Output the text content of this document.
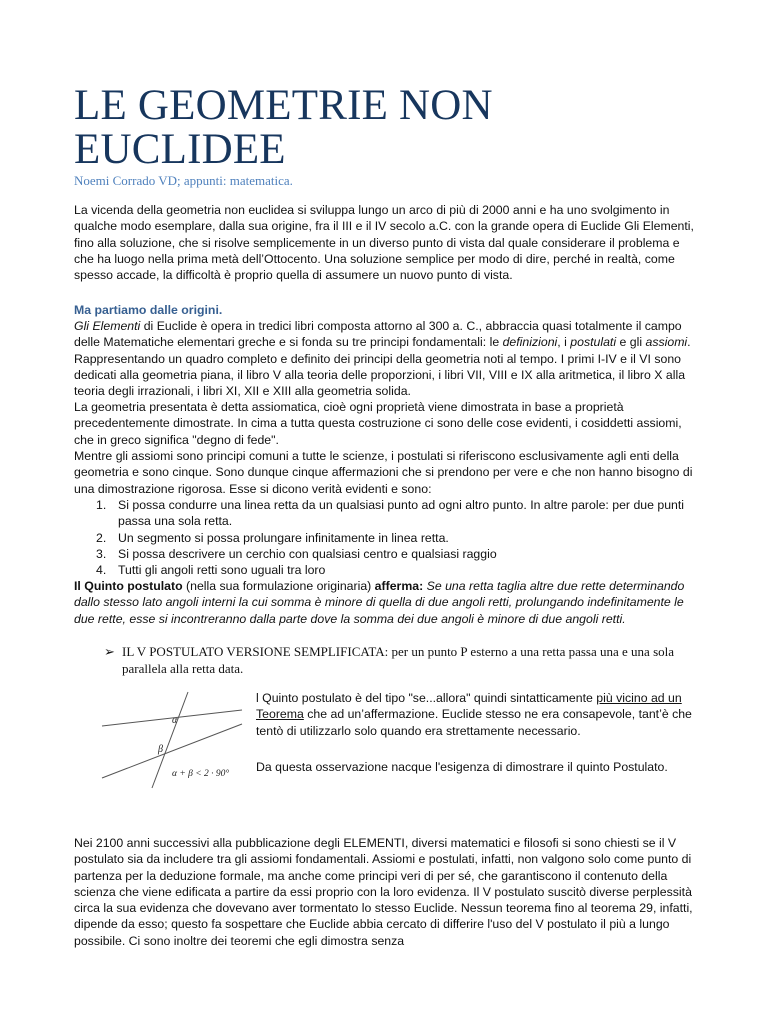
LE GEOMETRIE NON EUCLIDEE
Noemi Corrado VD; appunti: matematica.
La vicenda della geometria non euclidea si sviluppa lungo un arco di più di 2000 anni e ha uno svolgimento in qualche modo esemplare, dalla sua origine, fra il III e il IV secolo a.C. con la grande opera di Euclide Gli Elementi, fino alla soluzione, che si risolve semplicemente in un diverso punto di vista dal quale considerare il problema e che ha luogo nella prima metà dell’Ottocento. Una soluzione semplice per modo di dire, perché in realtà, come spesso accade, la difficoltà è proprio quella di assumere un nuovo punto di vista.
Ma partiamo dalle origini.
Gli Elementi di Euclide è opera in tredici libri composta attorno al 300 a. C., abbraccia quasi totalmente il campo delle Matematiche elementari greche e si fonda su tre principi fondamentali: le definizioni, i postulati e gli assiomi. Rappresentando un quadro completo e definito dei principi della geometria noti al tempo. I primi I-IV e il VI sono dedicati alla geometria piana, il libro V alla teoria delle proporzioni, i libri VII, VIII e IX alla aritmetica, il libro X alla teoria degli irrazionali, i libri XI, XII e XIII alla geometria solida.
La geometria presentata è detta assiomatica, cioè ogni proprietà viene dimostrata in base a proprietà precedentemente dimostrate. In cima a tutta questa costruzione ci sono delle cose evidenti, i cosiddetti assiomi, che in greco significa "degno di fede".
Mentre gli assiomi sono principi comuni a tutte le scienze, i postulati si riferiscono esclusivamente agli enti della geometria e sono cinque. Sono dunque cinque affermazioni che si prendono per vere e che non hanno bisogno di una dimostrazione rigorosa. Esse si dicono verità evidenti e sono:
1. Si possa condurre una linea retta da un qualsiasi punto ad ogni altro punto. In altre parole: per due punti passa una sola retta.
2. Un segmento si possa prolungare infinitamente in linea retta.
3. Si possa descrivere un cerchio con qualsiasi centro e qualsiasi raggio
4. Tutti gli angoli retti sono uguali tra loro
Il Quinto postulato (nella sua formulazione originaria) afferma: Se una retta taglia altre due rette determinando dallo stesso lato angoli interni la cui somma è minore di quella di due angoli retti, prolungando indefinitamente le due rette, esse si incontreranno dalla parte dove la somma dei due angoli è minore di due angoli retti.
➢ IL V POSTULATO VERSIONE SEMPLIFICATA: per un punto P esterno a una retta passa una e una sola parallela alla retta data.
α
β
α + β < 2 · 90°
l Quinto postulato è del tipo "se...allora" quindi sintatticamente più vicino ad un Teorema che ad un’affermazione. Euclide stesso ne era consapevole, tant’è che tentò di utilizzarlo solo quando era strettamente necessario.
Da questa osservazione nacque l'esigenza di dimostrare il quinto Postulato.
Nei 2100 anni successivi alla pubblicazione degli ELEMENTI, diversi matematici e filosofi si sono chiesti se il V postulato sia da includere tra gli assiomi fondamentali. Assiomi e postulati, infatti, non valgono solo come punto di partenza per la deduzione formale, ma anche come principi veri di per sé, che garantiscono il contenuto della scienza che viene edificata a partire da essi proprio con la loro evidenza. Il V postulato suscitò diverse perplessità circa la sua evidenza che dovevano aver tormentato lo stesso Euclide. Nessun teorema fino al teorema 29, infatti, dipende da esso; questo fa sospettare che Euclide abbia cercato di differire l'uso del V postulato il più a lungo possibile. Ci sono inoltre dei teoremi che egli dimostra senza
